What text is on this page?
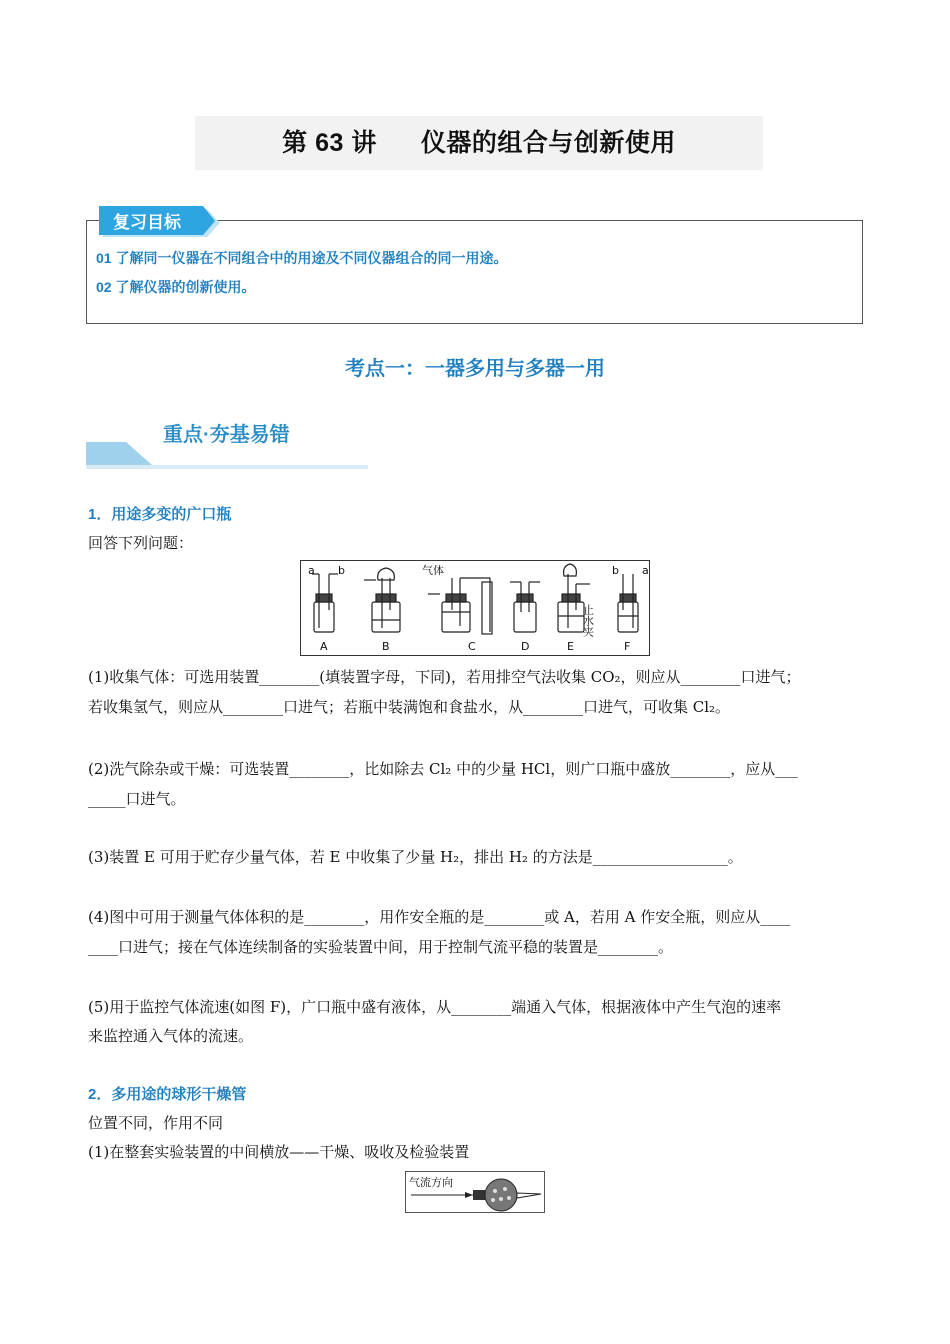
第 63 讲 仪器的组合与创新使用
复习目标
01 了解同一仪器在不同组合中的用途及不同仪器组合的同一用途。
02 了解仪器的创新使用。
考点一：一器多用与多器一用
重点·夯基易错
1．用途多变的广口瓶
回答下列问题：
a b	b a
气体
止水夹
A	B	C	D	E	F
(1)收集气体：可选用装置________(填装置字母，下同)，若用排空气法收集 CO₂，则应从________口进气；
若收集氢气，则应从________口进气；若瓶中装满饱和食盐水，从________口进气，可收集 Cl₂。
(2)洗气除杂或干燥：可选装置________，比如除去 Cl₂ 中的少量 HCl，则广口瓶中盛放________，应从___
_____口进气。
(3)装置 E 可用于贮存少量气体，若 E 中收集了少量 H₂，排出 H₂ 的方法是__________________。
(4)图中可用于测量气体体积的是________，用作安全瓶的是________或 A，若用 A 作安全瓶，则应从____
____口进气；接在气体连续制备的实验装置中间，用于控制气流平稳的装置是________。
(5)用于监控气体流速(如图 F)，广口瓶中盛有液体，从________端通入气体，根据液体中产生气泡的速率
来监控通入气体的流速。
2．多用途的球形干燥管
位置不同，作用不同
(1)在整套实验装置的中间横放——干燥、吸收及检验装置
气流方向
